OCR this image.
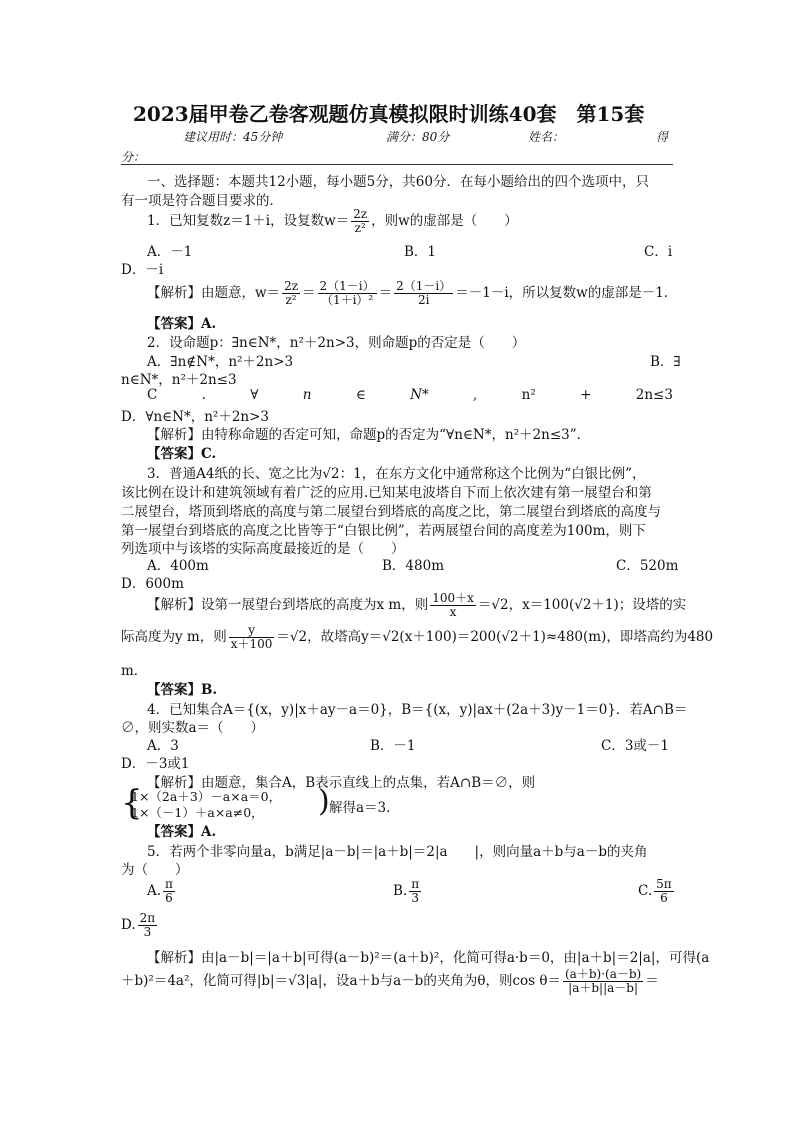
2023届甲卷乙卷客观题仿真模拟限时训练40套　第15套
建议用时：45分钟	满分：80分	姓名：	得
分：
一、选择题：本题共12小题，每小题5分，共60分．在每小题给出的四个选项中，只
有一项是符合题目要求的．
1．已知复数z＝1＋i，设复数$w= \frac{2z}{\text{z²}}$ ，则w的虚部是（　　）
A．－1	B．1	C．i
D．－i
【解析】由题意，$w= \frac{2z}{\text{z²}} = \frac{2(1-i)}{\text{（1＋i）²}} = \frac{2(1-i)}{2i} =-1-i$，所以复数w的虚部是－1.
【答案】A.
2．设命题p：∃n∈N*，n²＋2n>3，则命题p的否定是（　　）
A．∃n∉N*，n²＋2n>3	B．∃
n∈N*，n²＋2n≤3
C	.	∀	n	∈	N*	,	n²	+	2n≤3
D．∀n∈N*，n²＋2n>3
【解析】由特称命题的否定可知，命题p的否定为“∀n∈N*，n²＋2n≤3”．
【答案】C.
3．普通A4纸的长、宽之比为√2：1，在东方文化中通常称这个比例为“白银比例”，
该比例在设计和建筑领域有着广泛的应用.已知某电波塔自下而上依次建有第一展望台和第
二展望台，塔顶到塔底的高度与第二展望台到塔底的高度之比，第二展望台到塔底的高度与
第一展望台到塔底的高度之比皆等于“白银比例”，若两展望台间的高度差为100m，则下
列选项中与该塔的实际高度最接近的是（　　）
A．400m	B．480m	C．520m
D．600m
【解析】设第一展望台到塔底的高度为x m，则 $\frac{100+x}{x} =√2$，x＝100(√2＋1)；设塔的实
际高度为y m，则 $\frac{y}{x+100} =√2$，故塔高y＝√2(x＋100)＝200(√2＋1)≈480(m)，即塔高约为480
m．
【答案】B.
4．已知集合A＝{(x，y)|x＋ay－a＝0}，B＝{(x，y)|ax＋(2a＋3)y－1＝0}．若A∩B＝
∅，则实数a＝（　　）
A．3	B．－1	C．3或－1
D．－3或1
【解析】由题意，集合A，B表示直线上的点集，若A∩B＝∅，则
{
1×（2a＋3）－a×a＝0，
1×（－1）＋a×a≠0， ) 解得a＝3.
【答案】A.
5．若两个非零向量a，b满足|a－b|＝|a＋b|＝2|a　　|，则向量a＋b与a－b的夹角
为（　　）
A. $\frac{\pi}{6}$	B. $\frac{\pi}{3}$	C. $\frac{5\pi}{6}$
D. $\frac{2\pi}{3}$
【解析】由|a－b|＝|a＋b|可得(a－b)²＝(a＋b)²，化简可得a·b＝0，由|a＋b|＝2|a|，可得(a
＋b)²＝4a²，化简可得|b|＝√3|a|，设a＋b与a－b的夹角为θ，则$\cos \theta= \frac{(a+b)\cdot(a-b)}{|a+b||a-b|}$ ＝
